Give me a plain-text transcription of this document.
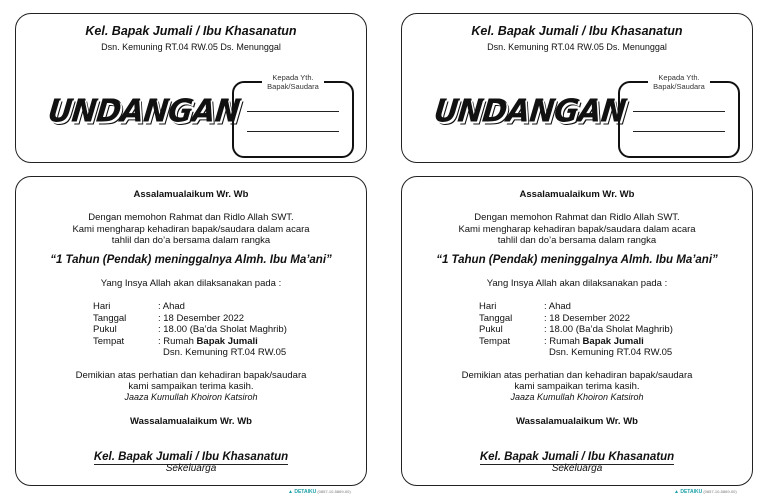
Kel. Bapak Jumali / Ibu Khasanatun
Dsn. Kemuning RT.04 RW.05 Ds. Menunggal
UNDANGAN
Kepada Yth.
Bapak/Saudara
Kel. Bapak Jumali / Ibu Khasanatun
Dsn. Kemuning RT.04 RW.05 Ds. Menunggal
UNDANGAN
Kepada Yth.
Bapak/Saudara
Assalamualaikum Wr. Wb
Dengan memohon Rahmat dan Ridlo Allah SWT.
Kami mengharap kehadiran bapak/saudara dalam acara
tahlil dan do’a bersama dalam rangka
“1 Tahun (Pendak) meninggalnya Almh. Ibu Ma’ani”
Yang Insya Allah akan dilaksanakan pada :
Hari	: Ahad
Tanggal	: 18 Desember 2022
Pukul	: 18.00 (Ba’da Sholat Maghrib)
Tempat	: Rumah Bapak Jumali
Dsn. Kemuning RT.04 RW.05
Demikian atas perhatian dan kehadiran bapak/saudara
kami sampaikan terima kasih.
Jaaza Kumullah Khoiron Katsiroh
Wassalamualaikum Wr. Wb
Kel. Bapak Jumali / Ibu Khasanatun
Sekeluarga
Assalamualaikum Wr. Wb
Dengan memohon Rahmat dan Ridlo Allah SWT.
Kami mengharap kehadiran bapak/saudara dalam acara
tahlil dan do’a bersama dalam rangka
“1 Tahun (Pendak) meninggalnya Almh. Ibu Ma’ani”
Yang Insya Allah akan dilaksanakan pada :
Hari	: Ahad
Tanggal	: 18 Desember 2022
Pukul	: 18.00 (Ba’da Sholat Maghrib)
Tempat	: Rumah Bapak Jumali
Dsn. Kemuning RT.04 RW.05
Demikian atas perhatian dan kehadiran bapak/saudara
kami sampaikan terima kasih.
Jaaza Kumullah Khoiron Katsiroh
Wassalamualaikum Wr. Wb
Kel. Bapak Jumali / Ibu Khasanatun
Sekeluarga
▲ DETAIKU (0857-10-5869-00)	▲ DETAIKU (0857-10-5869-00)
